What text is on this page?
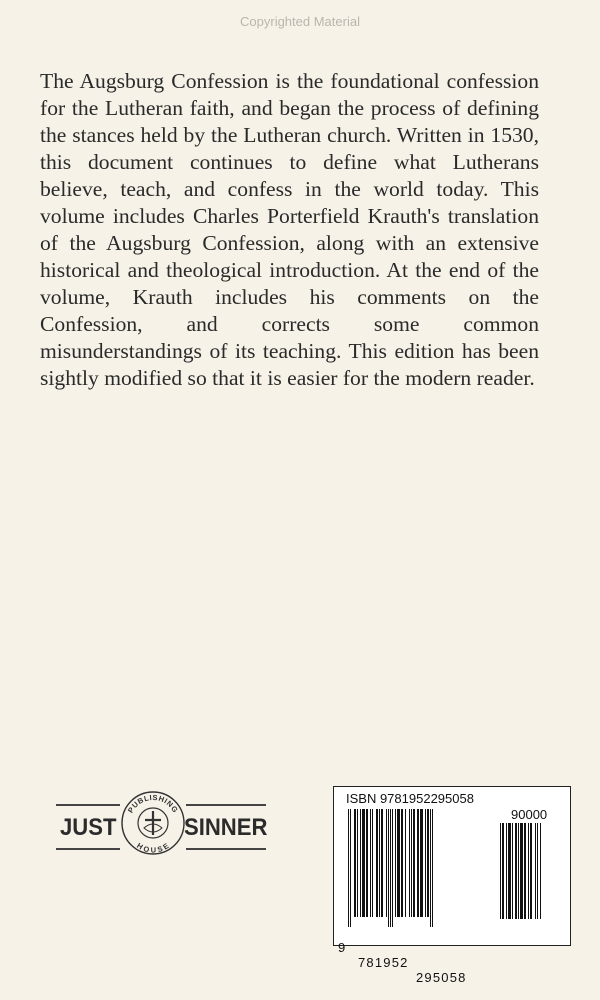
Copyrighted Material

The Augsburg Confession is the foundational confession for the Lutheran faith, and began the process of defining the stances held by the Lutheran church. Written in 1530, this document continues to define what Lutherans believe, teach, and confess in the world today. This volume includes Charles Porterfield Krauth's translation of the Augsburg Confession, along with an extensive historical and theological introduction. At the end of the volume, Krauth includes his comments on the Confession, and corrects some common misunderstandings of its teaching. This edition has been sightly modified so that it is easier for the modern reader.

JUST	SINNER
PUBLISHING
HOUSE
ISBN 9781952295058
90000

9

781952

295058
